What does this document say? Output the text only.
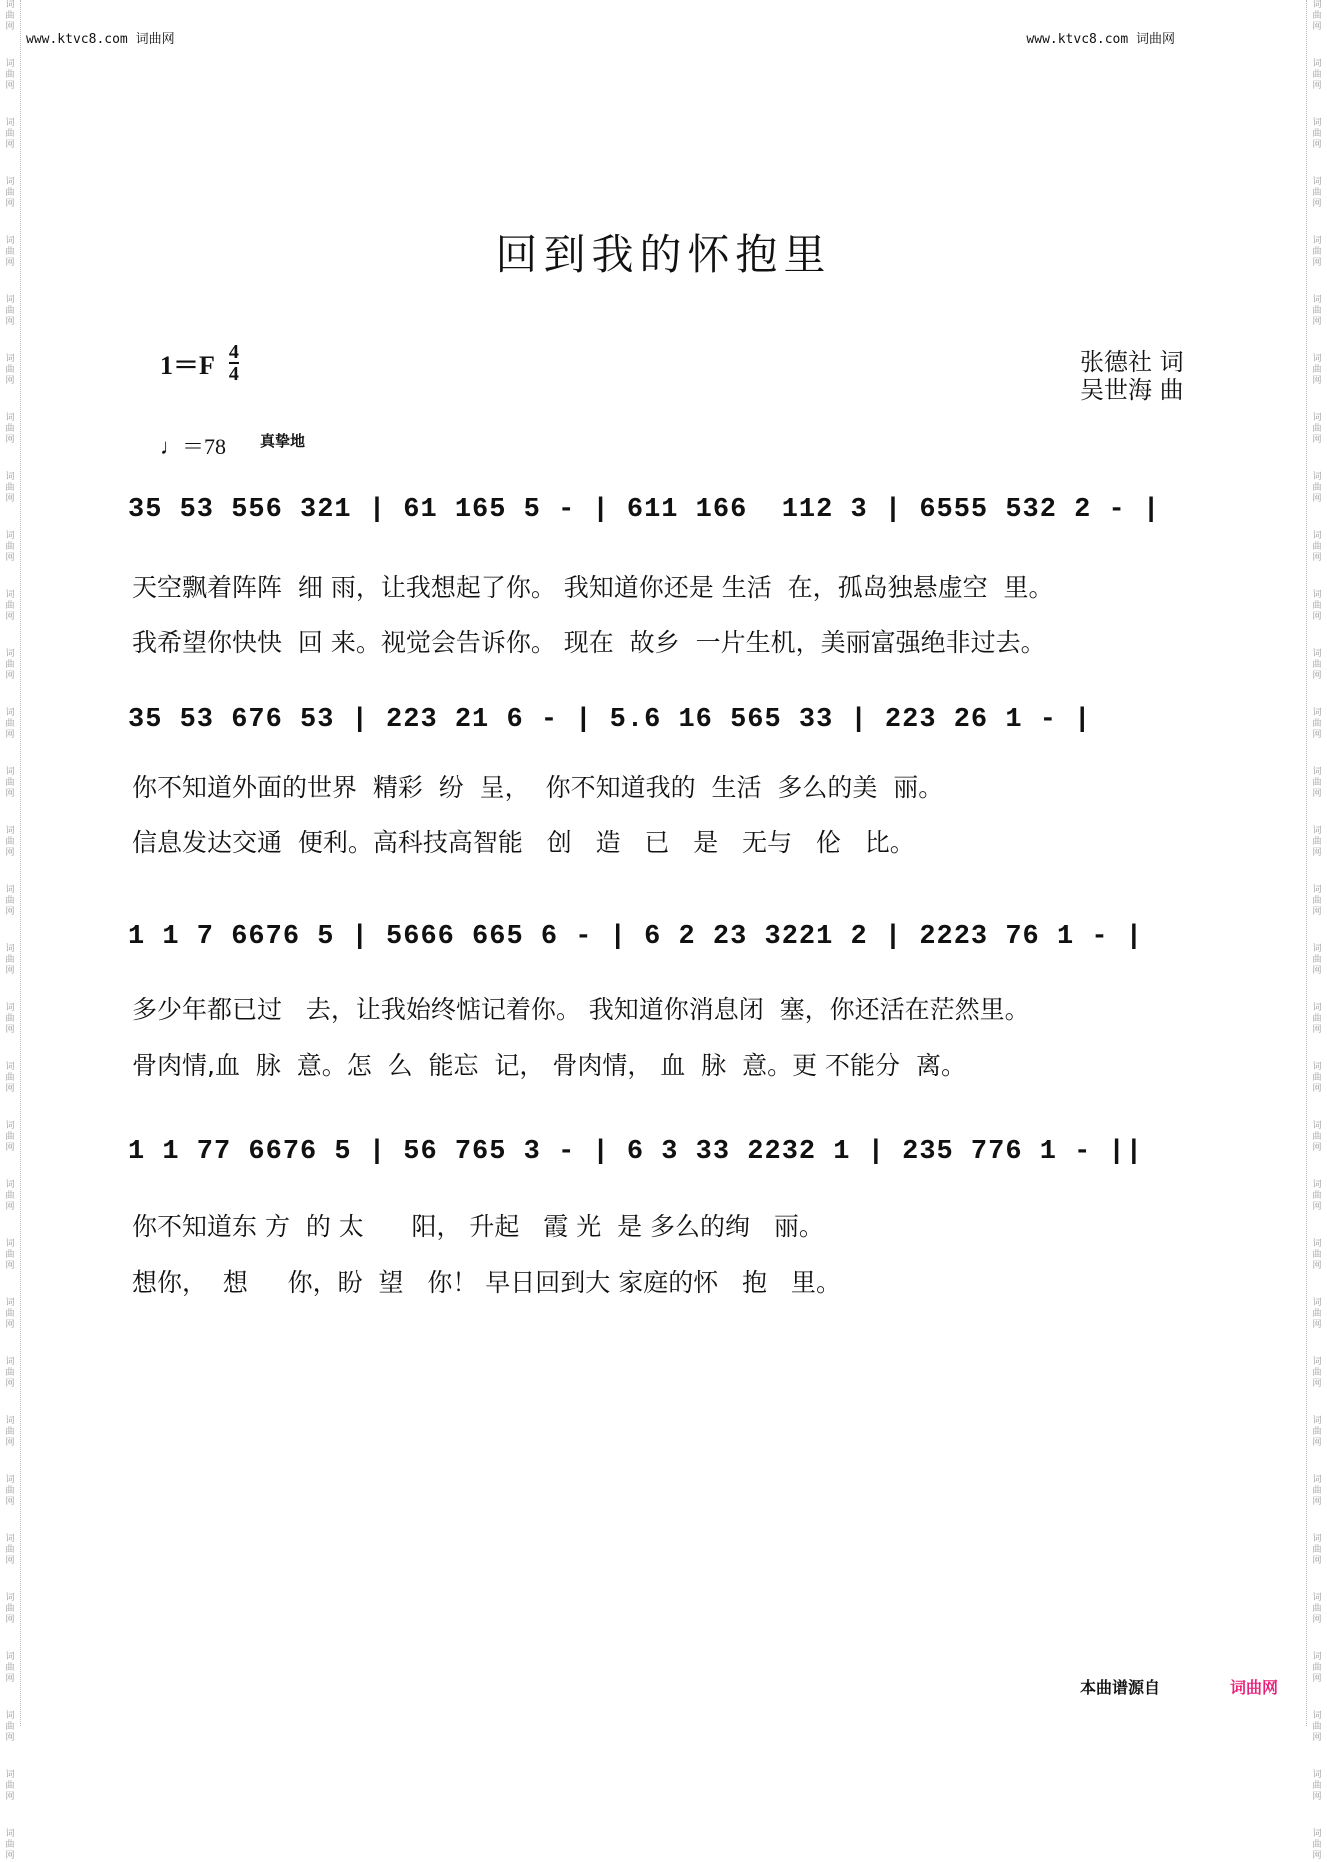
词
曲
网
词
曲
网
词
曲
网
词
曲
网
词
曲
网
词
曲
网
词
曲
网
词
曲
网
词
曲
网
词
曲
网
词
曲
网
词
曲
网
词
曲
网
词
曲
网
词
曲
网
词
曲
网
词
曲
网
词
曲
网
词
曲
网
词
曲
网
词
曲
网
词
曲
网
词
曲
网
词
曲
网
词
曲
网
词
曲
网
词
曲
网
词
曲
网
词
曲
网
词
曲
网
词
曲
网
词
曲
网
词
曲
网
词
曲
网
词
曲
网
词
曲
网
词
曲
网
词
曲
网
词
曲
网
词
曲
网
词
曲
网
词
曲
网
词
曲
网
词
曲
网
词
曲
网
词
曲
网
词
曲
网
词
曲
网
词
曲
网
词
曲
网
词
曲
网
词
曲
网
词
曲
网
词
曲
网
词
曲
网
词
曲
网
词
曲
网
词
曲
网
词
曲
网
词
曲
网
词
曲
网
词
曲
网
词
曲
网
词
曲
网
www.ktvc8.com 词曲网	www.ktvc8.com 词曲网
回到我的怀抱里
$1=F \frac{4}{4}$	张德社 词
吴世海 曲
♩＝78 真挚地
35 53 556 321 | 61 165 5 - | 611 166  112 3 | 6555 532 2 - |
天空飘着阵阵  细 雨，让我想起了你。 我知道你还是 生活  在，孤岛独悬虚空  里。
我希望你快快  回 来。视觉会告诉你。 现在  故乡  一片生机，美丽富强绝非过去。
35 53 676 53 | 223 21 6 - | 5.6 16 565 33 | 223 26 1 - |
你不知道外面的世界  精彩  纷  呈，  你不知道我的  生活  多么的美  丽。
信息发达交通  便利。高科技高智能   创   造   已   是   无与   伦   比。
1 1 7 6676 5 | 5666 665 6 - | 6 2 23 3221 2 | 2223 76 1 - |
多少年都已过   去，让我始终惦记着你。 我知道你消息闭  塞，你还活在茫然里。
骨肉情,血  脉  意。怎  么  能忘  记， 骨肉情， 血  脉  意。更 不能分  离。
1 1 77 6676 5 | 56 765 3 - | 6 3 33 2232 1 | 235 776 1 - ||
你不知道东 方  的 太      阳， 升起   霞 光  是 多么的绚   丽。
想你，  想     你，盼  望   你！ 早日回到大 家庭的怀   抱   里。
本曲谱源自	词曲网
